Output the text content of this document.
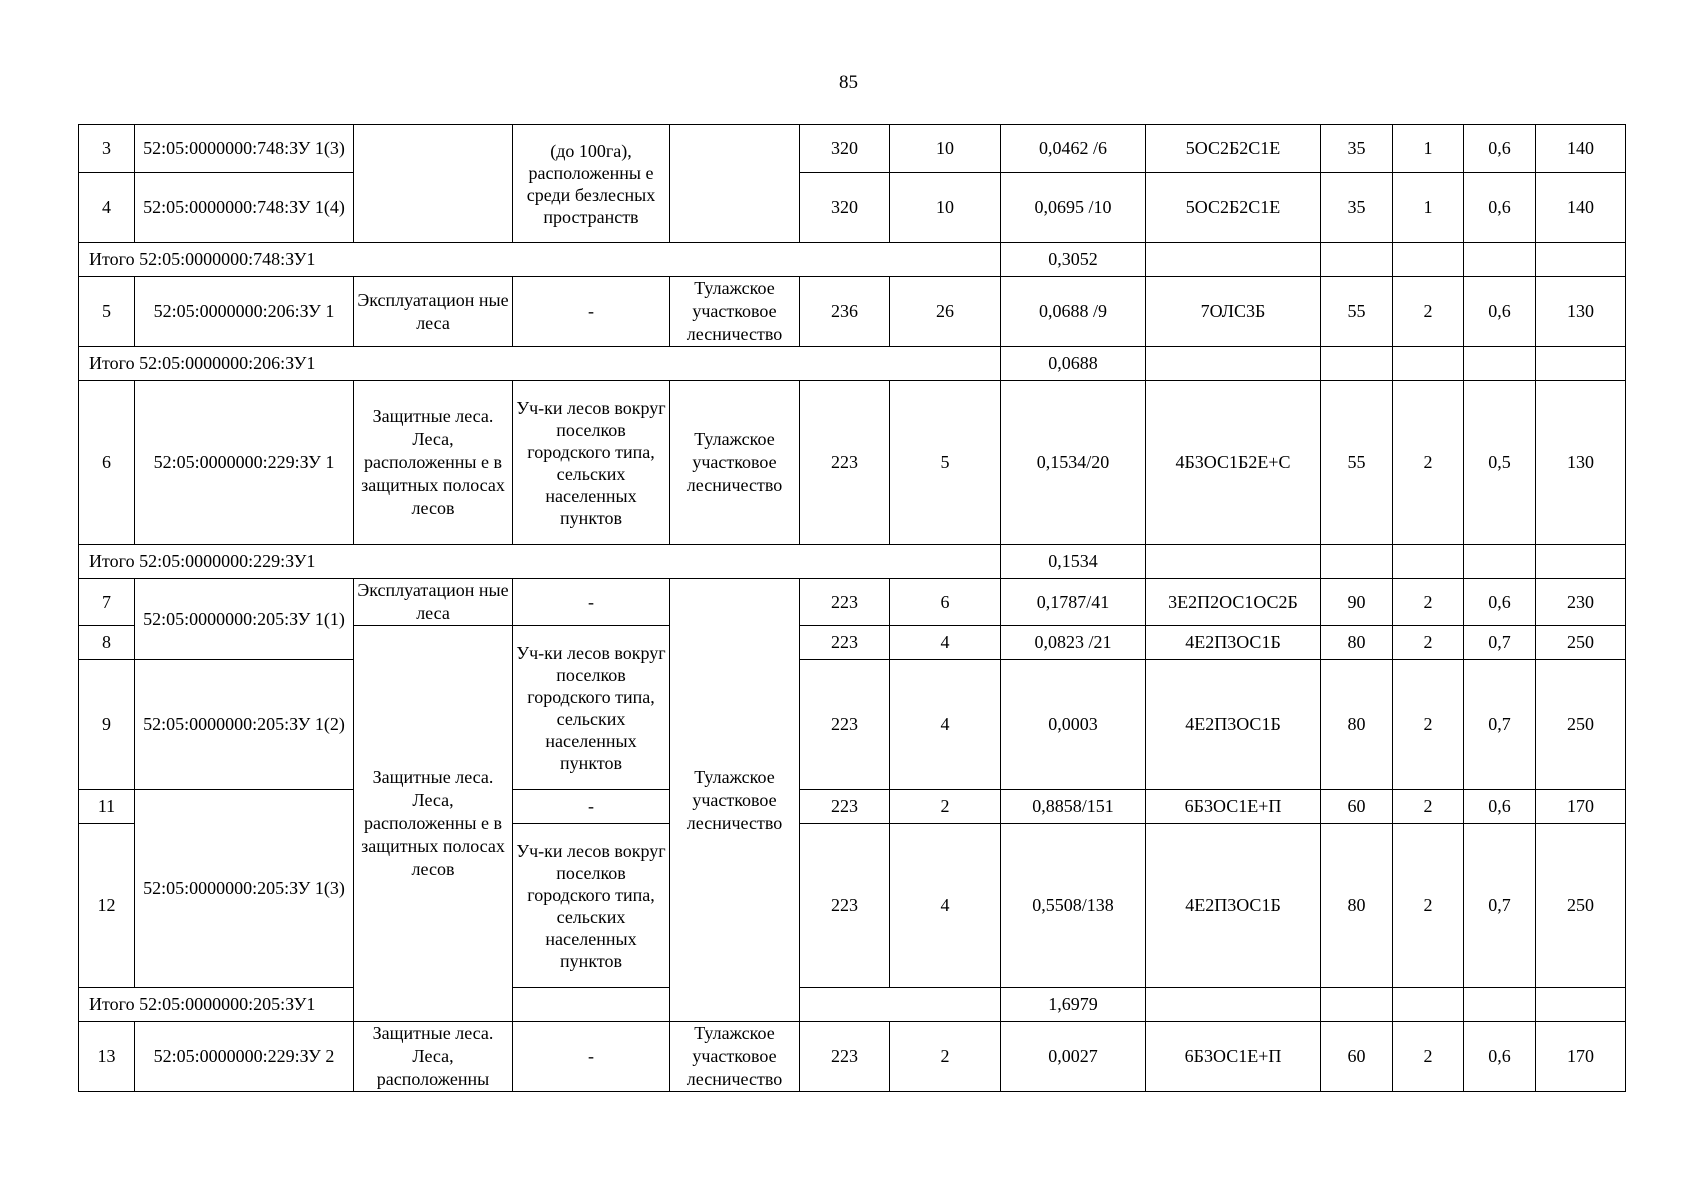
85
3	52:05:0000000:748:ЗУ 1(3)		(до 100га), расположенны е среди безлесных пространств		320	10	0,0462 /6	5ОС2Б2С1Е	35	1	0,6	140
4	52:05:0000000:748:ЗУ 1(4)				320	10	0,0695 /10	5ОС2Б2С1Е	35	1	0,6	140
Итого 52:05:0000000:748:ЗУ1							0,3052					
5	52:05:0000000:206:ЗУ 1	Эксплуатацион ные леса	-	Тулажское участковое лесничество	236	26	0,0688 /9	7ОЛС3Б	55	2	0,6	130
Итого 52:05:0000000:206:ЗУ1							0,0688					
6	52:05:0000000:229:ЗУ 1	Защитные леса. Леса, расположенны е в защитных полосах лесов	Уч-ки лесов вокруг поселков городского типа, сельских населенных пунктов	Тулажское участковое лесничество	223	5	0,1534/20	4Б3ОС1Б2Е+С	55	2	0,5	130
Итого 52:05:0000000:229:ЗУ1							0,1534					
7	52:05:0000000:205:ЗУ 1(1)	Эксплуатацион ные леса	-	Тулажское участковое лесничество	223	6	0,1787/41	3Е2П2ОС1ОС2Б	90	2	0,6	230
8		Защитные леса. Леса, расположенны е в защитных полосах лесов	Уч-ки лесов вокруг поселков городского типа, сельских населенных пунктов		223	4	0,0823 /21	4Е2П3ОС1Б	80	2	0,7	250
9	52:05:0000000:205:ЗУ 1(2)				223	4	0,0003	4Е2П3ОС1Б	80	2	0,7	250
11	52:05:0000000:205:ЗУ 1(3)		-		223	2	0,8858/151	6Б3ОС1Е+П	60	2	0,6	170
12			Уч-ки лесов вокруг поселков городского типа, сельских населенных пунктов		223	4	0,5508/138	4Е2П3ОС1Б	80	2	0,7	250
Итого 52:05:0000000:205:ЗУ1							1,6979					
13	52:05:0000000:229:ЗУ 2	Защитные леса. Леса, расположенны	-	Тулажское участковое лесничество	223	2	0,0027	6Б3ОС1Е+П	60	2	0,6	170
